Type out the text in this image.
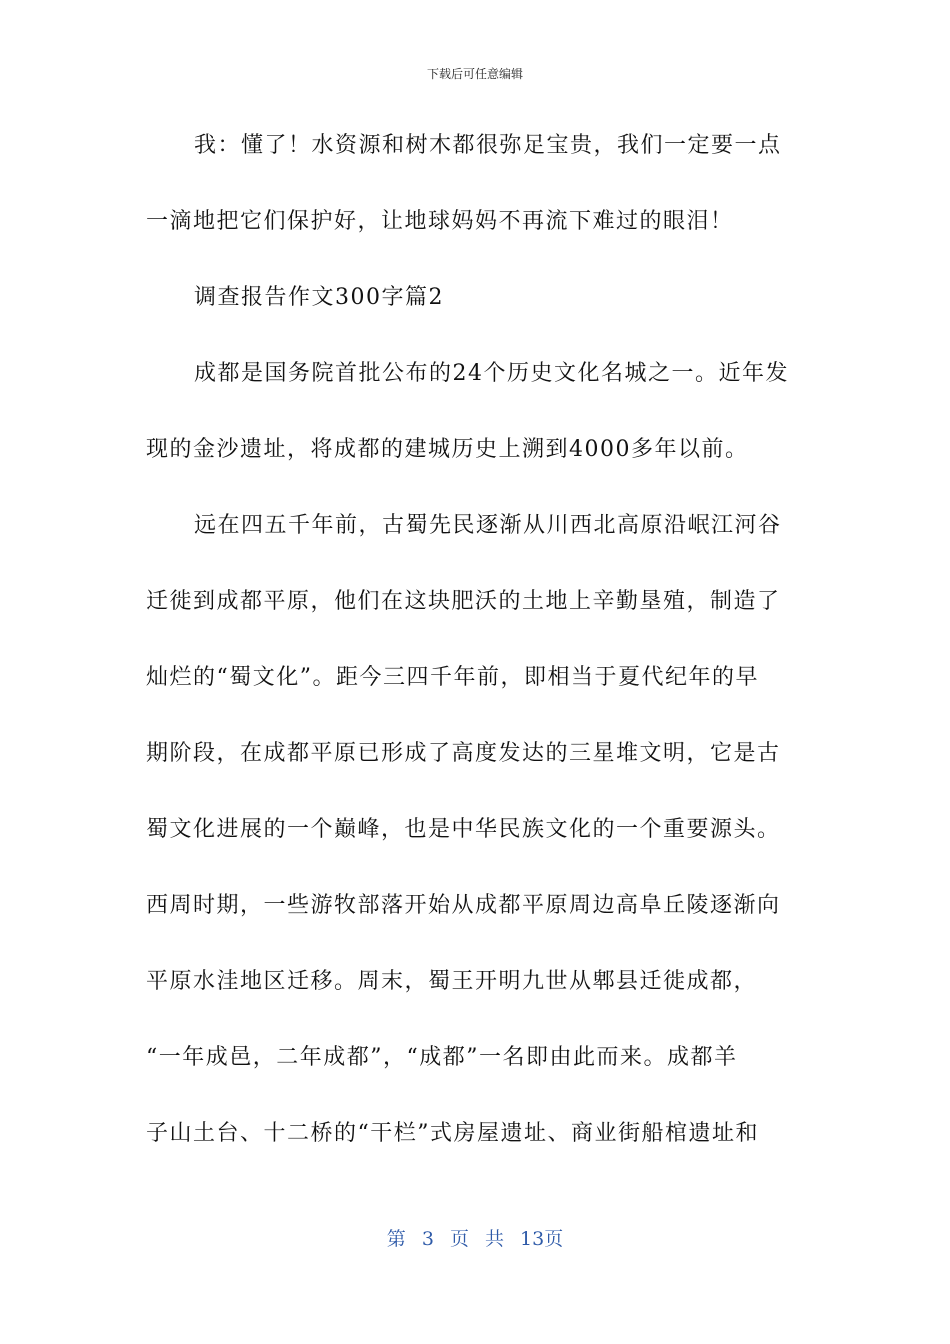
下载后可任意编辑
我：懂了！水资源和树木都很弥足宝贵，我们一定要一点
一滴地把它们保护好，让地球妈妈不再流下难过的眼泪！
调查报告作文300字篇2
成都是国务院首批公布的24个历史文化名城之一。近年发
现的金沙遗址，将成都的建城历史上溯到4000多年以前。
远在四五千年前，古蜀先民逐渐从川西北高原沿岷江河谷
迁徙到成都平原，他们在这块肥沃的土地上辛勤垦殖，制造了
灿烂的“蜀文化”。距今三四千年前，即相当于夏代纪年的早
期阶段，在成都平原已形成了高度发达的三星堆文明，它是古
蜀文化进展的一个巅峰，也是中华民族文化的一个重要源头。
西周时期，一些游牧部落开始从成都平原周边高阜丘陵逐渐向
平原水洼地区迁移。周末，蜀王开明九世从郫县迁徙成都，
“一年成邑，二年成都”，“成都”一名即由此而来。成都羊
子山土台、十二桥的“干栏”式房屋遗址、商业街船棺遗址和
第 3 页 共 13页
